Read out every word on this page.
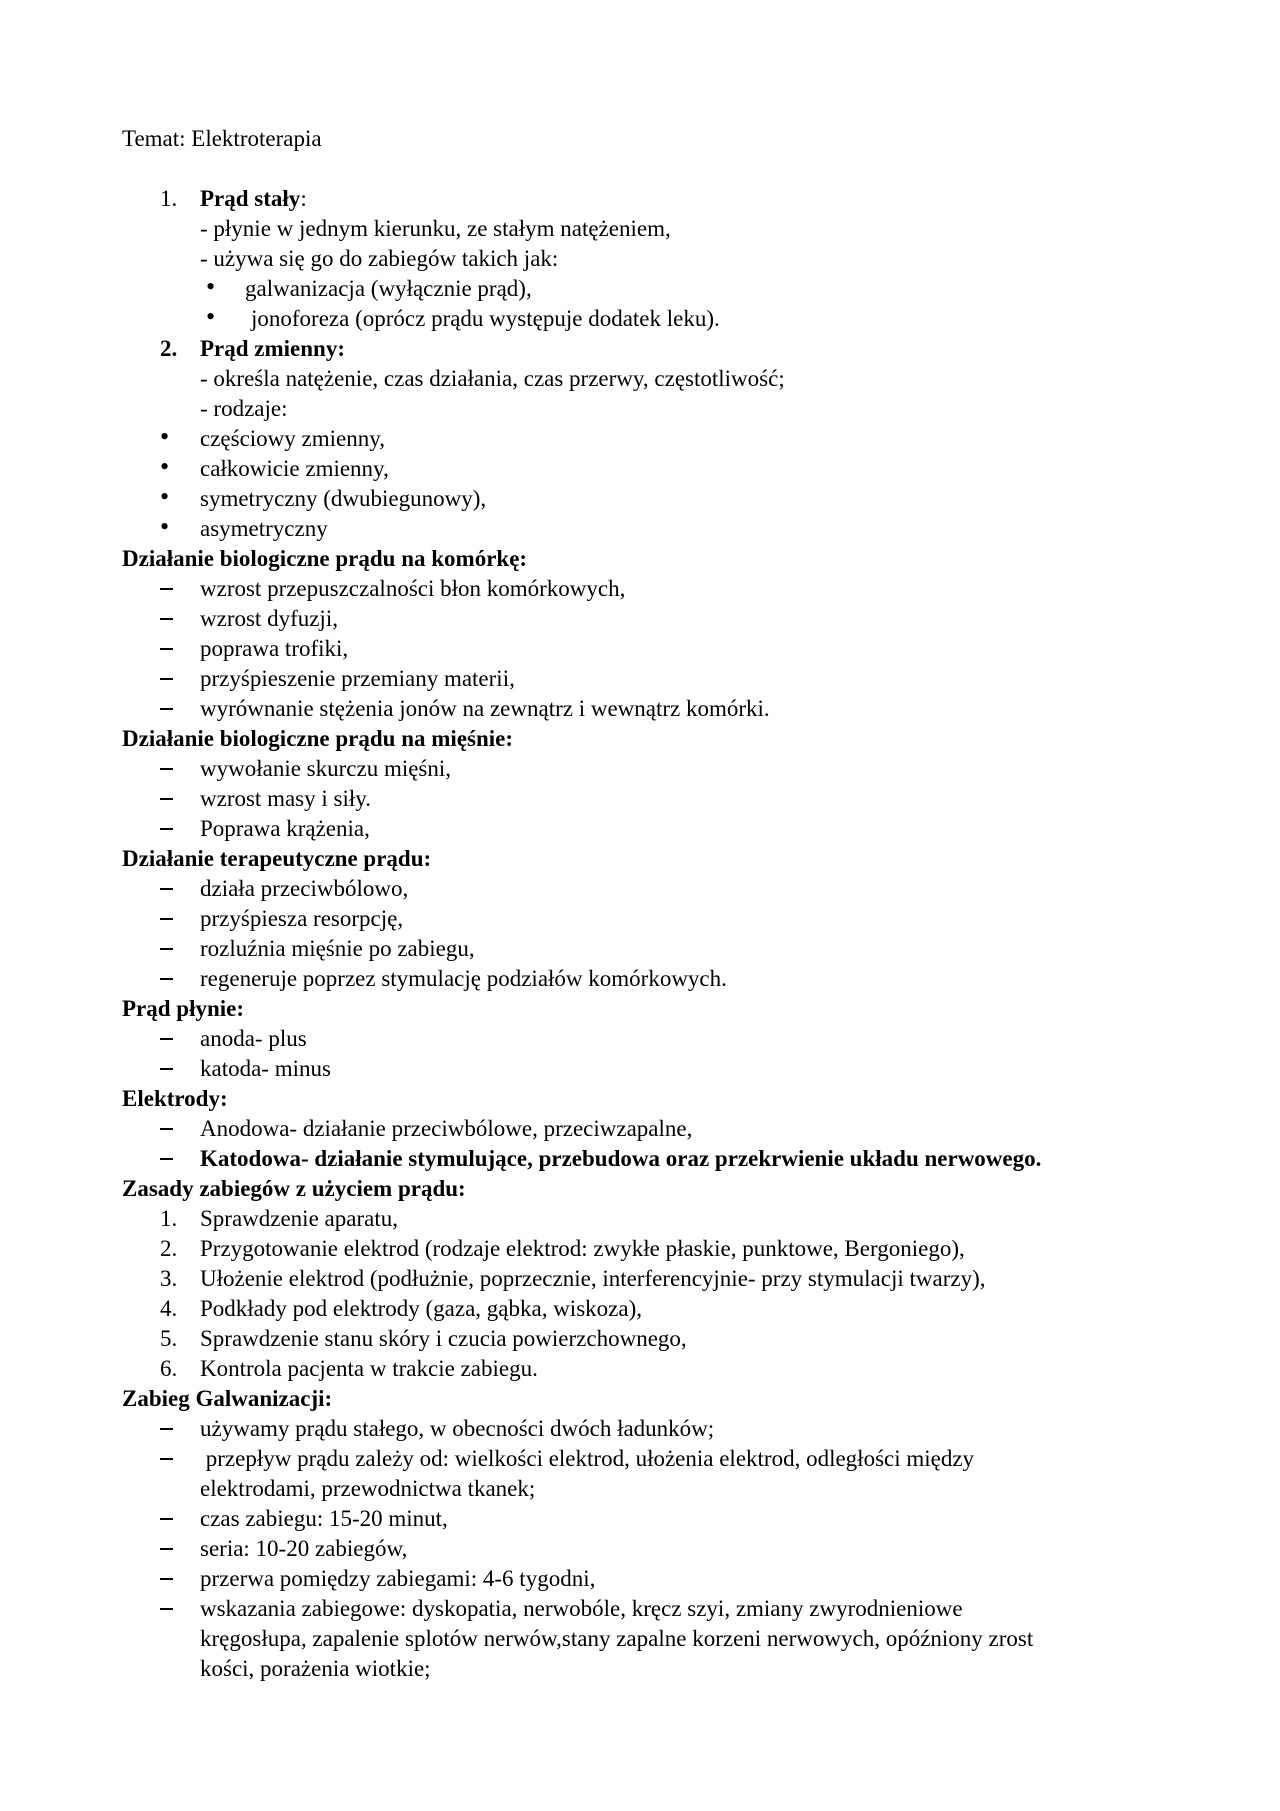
Temat: Elektroterapia
1. Prąd stały:
- płynie w jednym kierunku, ze stałym natężeniem,
- używa się go do zabiegów takich jak:
• galwanizacja (wyłącznie prąd),
• jonoforeza (oprócz prądu występuje dodatek leku).
2. Prąd zmienny:
- określa natężenie, czas działania, czas przerwy, częstotliwość;
- rodzaje:
• częściowy zmienny,
• całkowicie zmienny,
• symetryczny (dwubiegunowy),
• asymetryczny
Działanie biologiczne prądu na komórkę:
wzrost przepuszczalności błon komórkowych,
wzrost dyfuzji,
poprawa trofiki,
przyśpieszenie przemiany materii,
wyrównanie stężenia jonów na zewnątrz i wewnątrz komórki.
Działanie biologiczne prądu na mięśnie:
wywołanie skurczu mięśni,
wzrost masy i siły.
Poprawa krążenia,
Działanie terapeutyczne prądu:
działa przeciwbólowo,
przyśpiesza resorpcję,
rozluźnia mięśnie po zabiegu,
regeneruje poprzez stymulację podziałów komórkowych.
Prąd płynie:
anoda- plus
katoda- minus
Elektrody:
Anodowa- działanie przeciwbólowe, przeciwzapalne,
Katodowa- działanie stymulujące, przebudowa oraz przekrwienie układu nerwowego.
Zasady zabiegów z użyciem prądu:
1. Sprawdzenie aparatu,
2. Przygotowanie elektrod (rodzaje elektrod: zwykłe płaskie, punktowe, Bergoniego),
3. Ułożenie elektrod (podłużnie, poprzecznie, interferencyjnie- przy stymulacji twarzy),
4. Podkłady pod elektrody (gaza, gąbka, wiskoza),
5. Sprawdzenie stanu skóry i czucia powierzchownego,
6. Kontrola pacjenta w trakcie zabiegu.
Zabieg Galwanizacji:
używamy prądu stałego, w obecności dwóch ładunków;
przepływ prądu zależy od: wielkości elektrod, ułożenia elektrod, odległości między
elektrodami, przewodnictwa tkanek;
czas zabiegu: 15-20 minut,
seria: 10-20 zabiegów,
przerwa pomiędzy zabiegami: 4-6 tygodni,
wskazania zabiegowe: dyskopatia, nerwobóle, kręcz szyi, zmiany zwyrodnieniowe
kręgosłupa, zapalenie splotów nerwów,stany zapalne korzeni nerwowych, opóźniony zrost
kości, porażenia wiotkie;
